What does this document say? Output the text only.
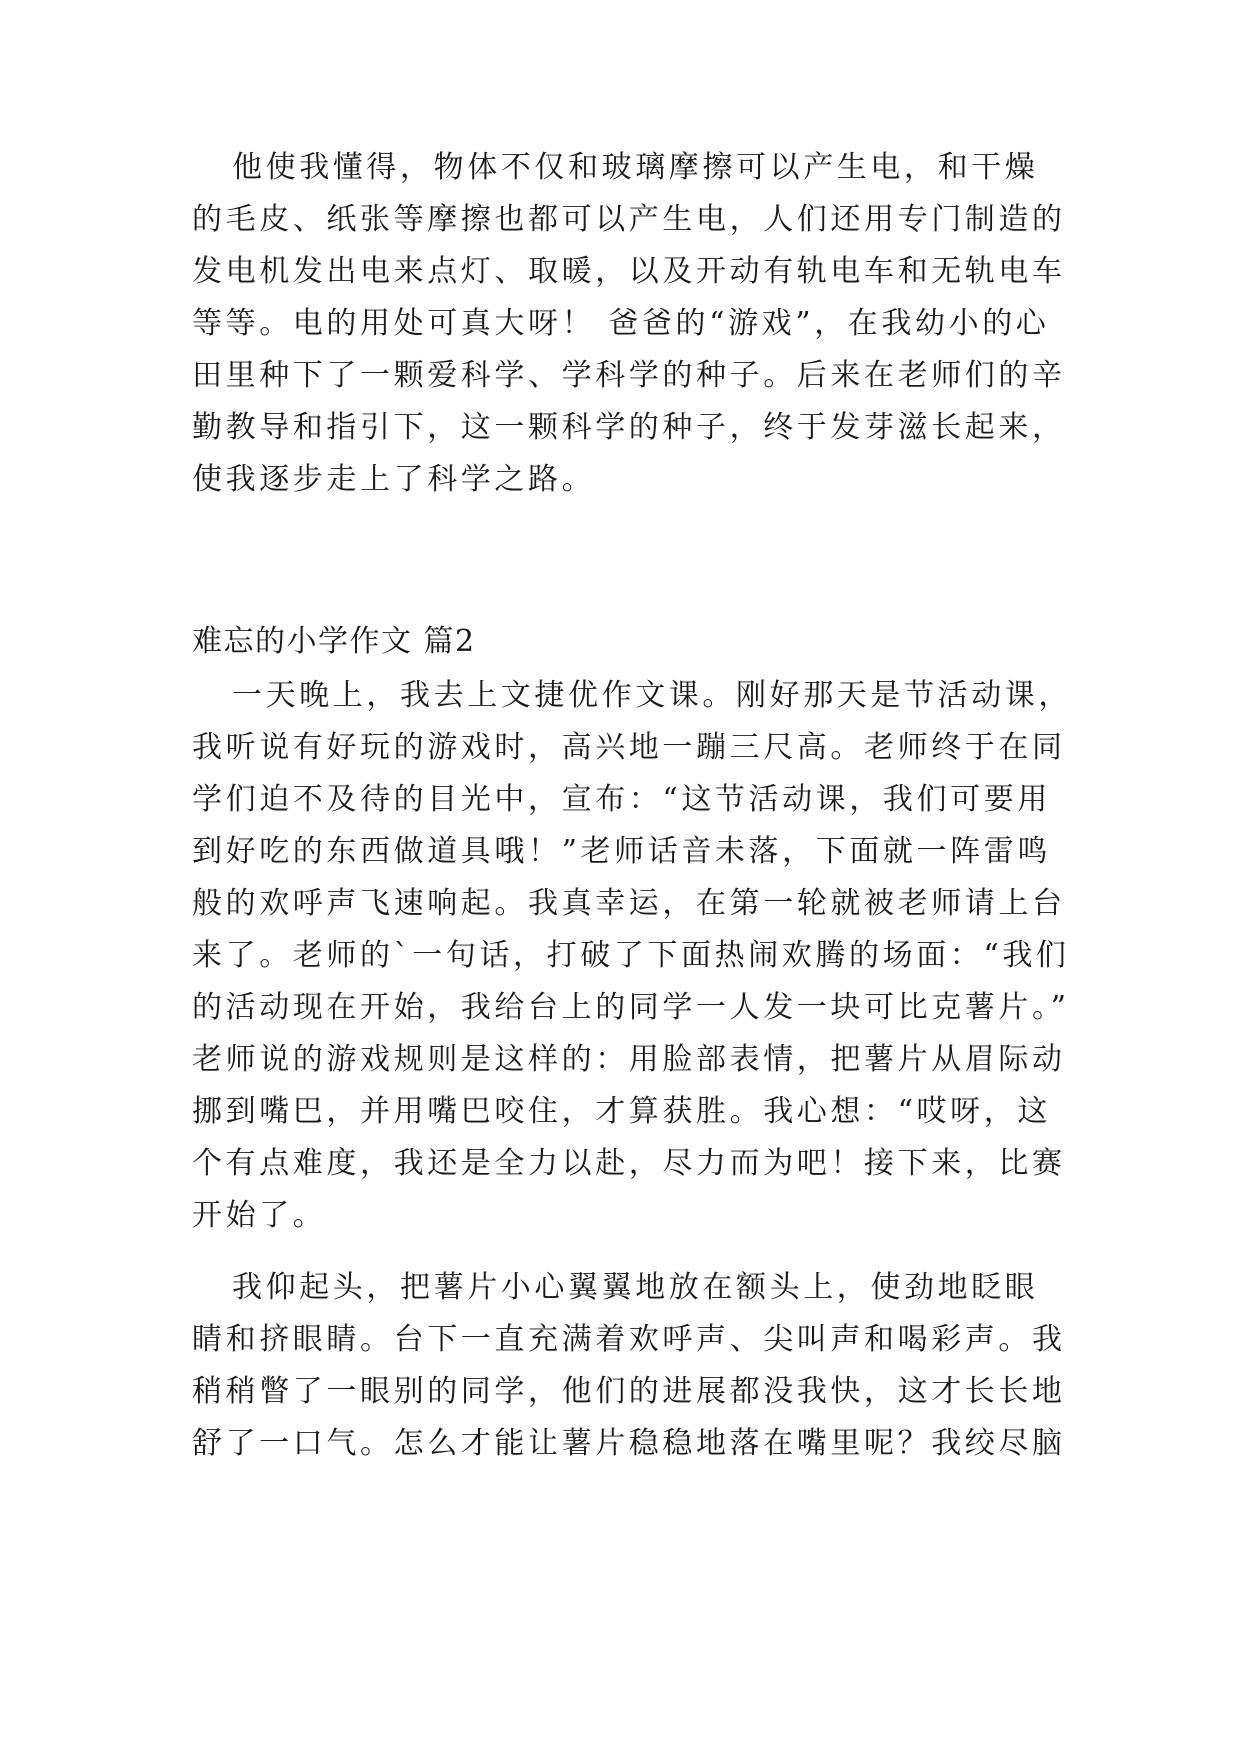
他使我懂得，物体不仅和玻璃摩擦可以产生电，和干燥
的毛皮、纸张等摩擦也都可以产生电，人们还用专门制造的
发电机发出电来点灯、取暖，以及开动有轨电车和无轨电车
等等。电的用处可真大呀！ 爸爸的“游戏”，在我幼小的心
田里种下了一颗爱科学、学科学的种子。后来在老师们的辛
勤教导和指引下，这一颗科学的种子，终于发芽滋长起来，
使我逐步走上了科学之路。
难忘的小学作文 篇2
一天晚上，我去上文捷优作文课。刚好那天是节活动课，
我听说有好玩的游戏时，高兴地一蹦三尺高。老师终于在同
学们迫不及待的目光中，宣布：“这节活动课，我们可要用
到好吃的东西做道具哦！”老师话音未落，下面就一阵雷鸣
般的欢呼声飞速响起。我真幸运，在第一轮就被老师请上台
来了。老师的`一句话，打破了下面热闹欢腾的场面：“我们
的活动现在开始，我给台上的同学一人发一块可比克薯片。”
老师说的游戏规则是这样的：用脸部表情，把薯片从眉际动
挪到嘴巴，并用嘴巴咬住，才算获胜。我心想：“哎呀，这
个有点难度，我还是全力以赴，尽力而为吧！接下来，比赛
开始了。
我仰起头，把薯片小心翼翼地放在额头上，使劲地眨眼
睛和挤眼睛。台下一直充满着欢呼声、尖叫声和喝彩声。我
稍稍瞥了一眼别的同学，他们的进展都没我快，这才长长地
舒了一口气。怎么才能让薯片稳稳地落在嘴里呢？我绞尽脑
